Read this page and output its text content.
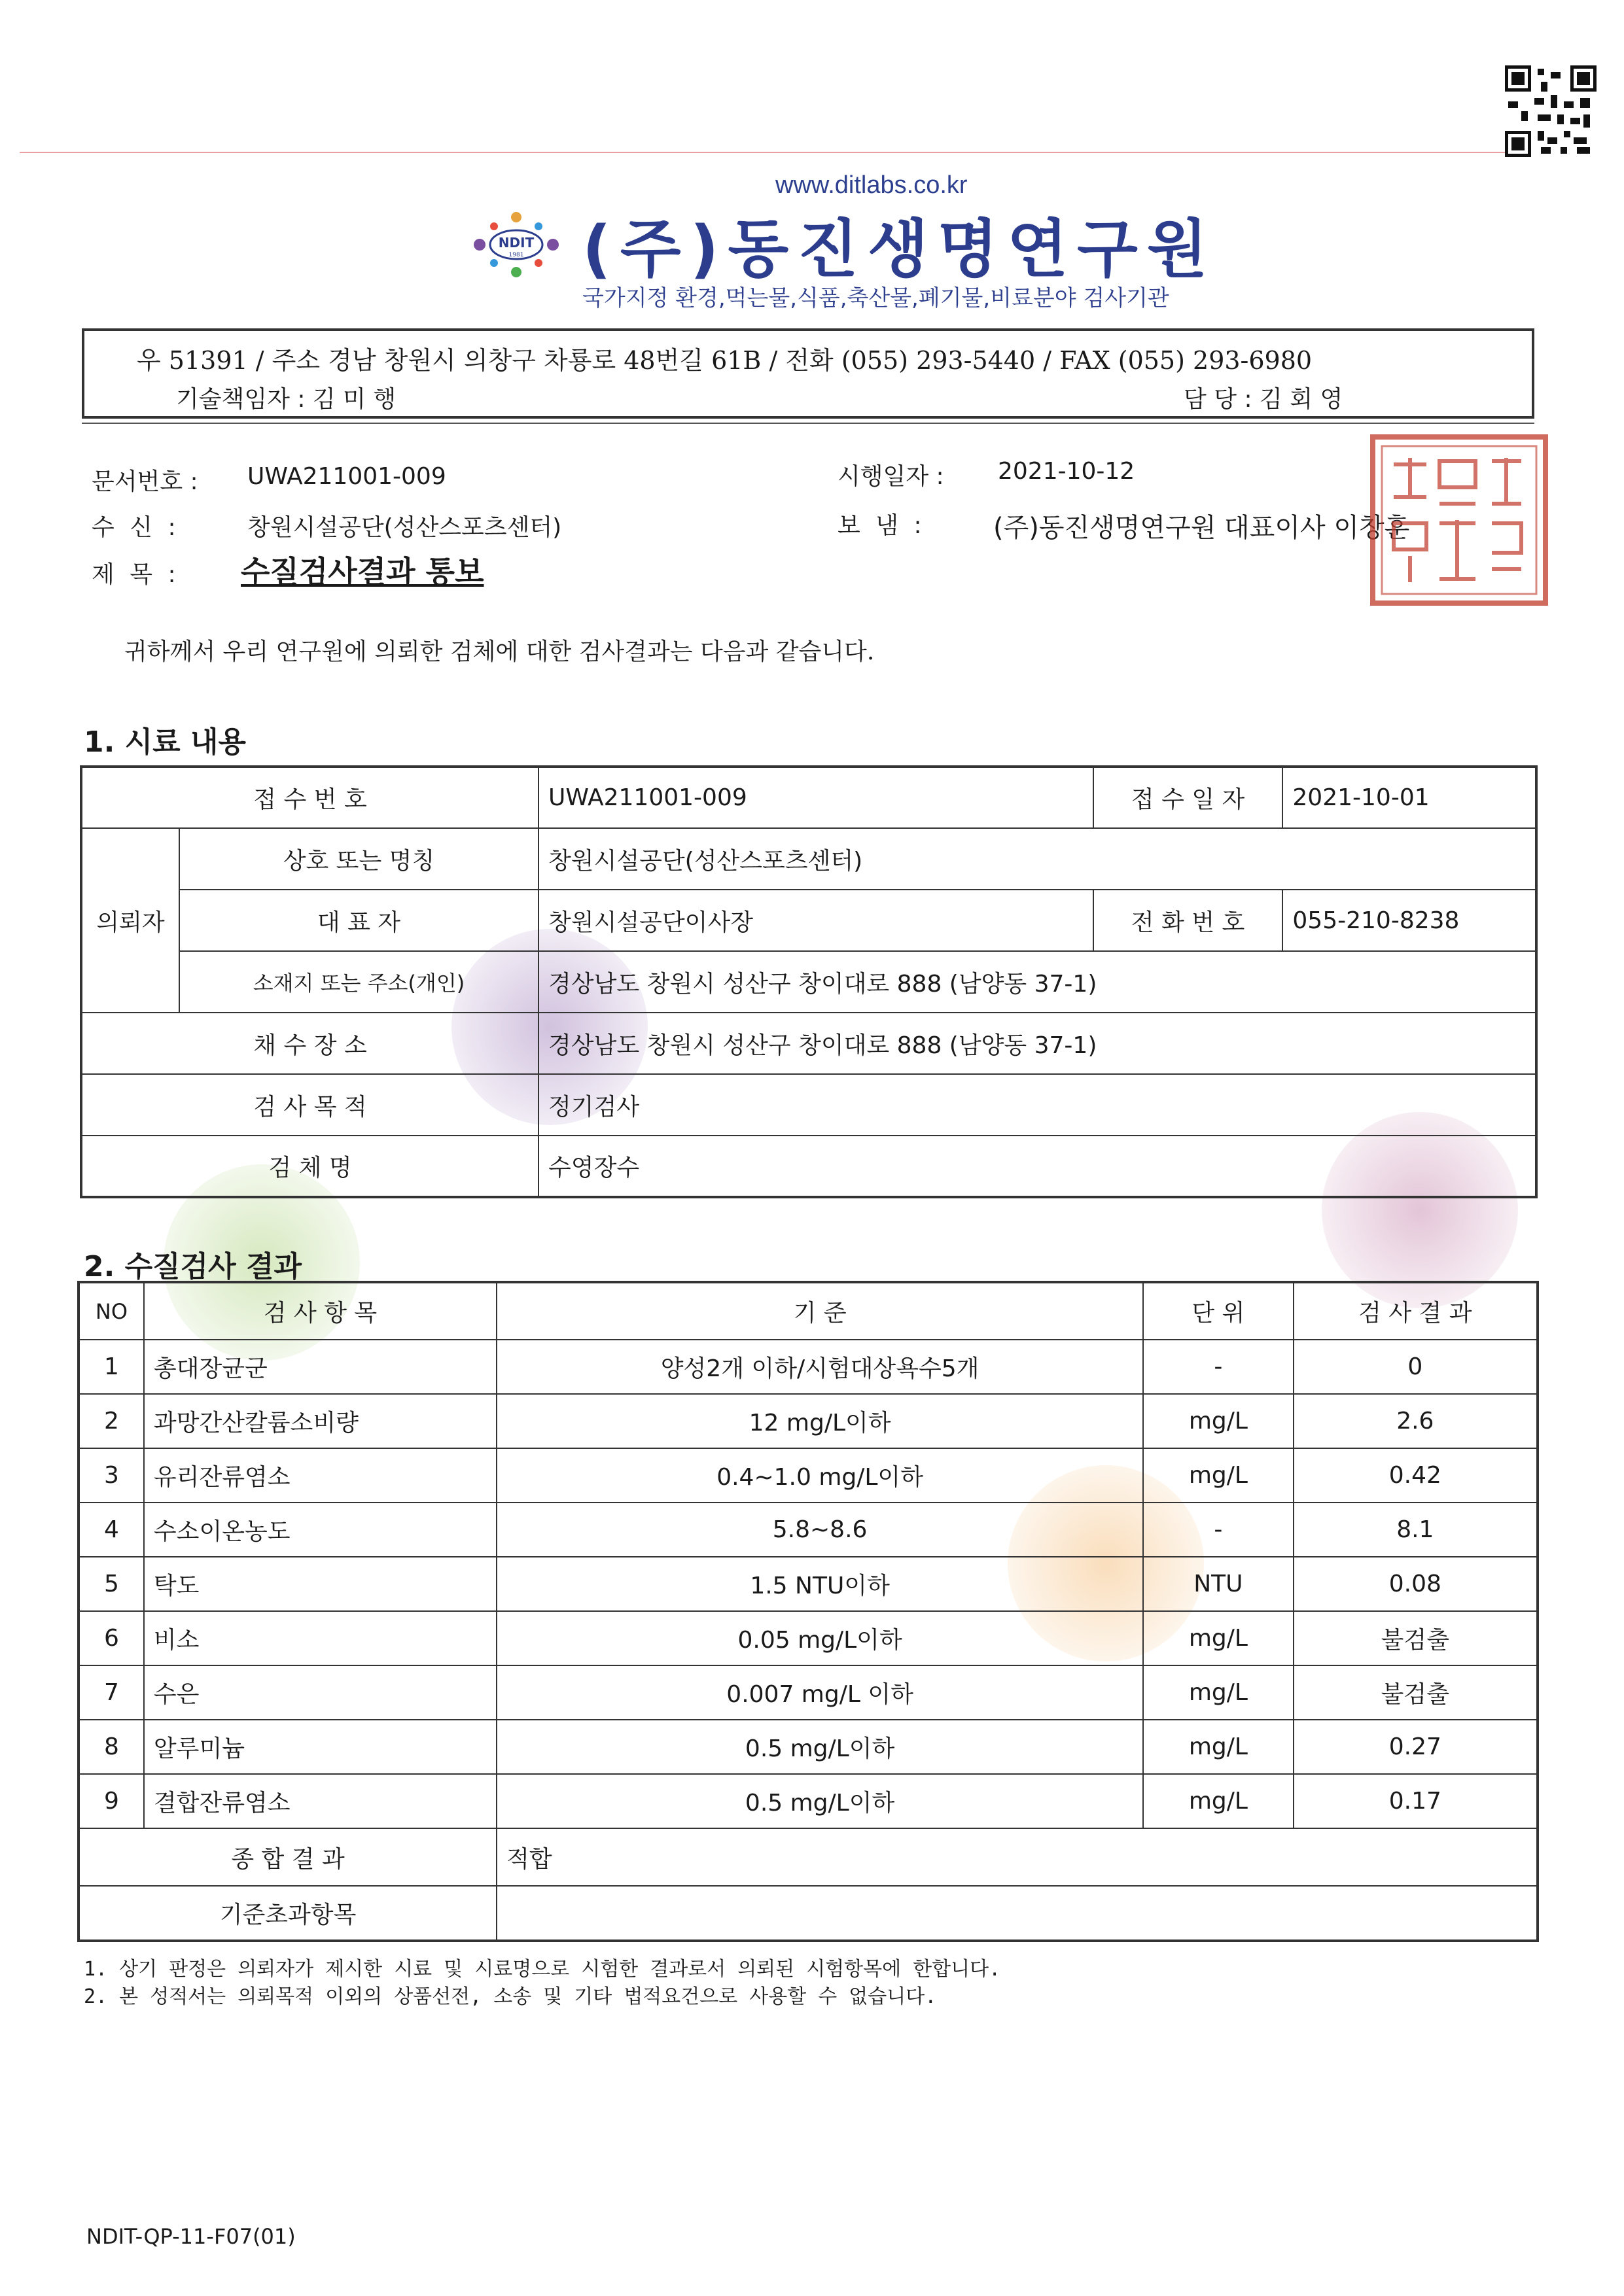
www.ditlabs.co.kr
NDIT
1981 (주)동진생명연구원
국가지정 환경,먹는물,식품,축산물,폐기물,비료분야 검사기관
우 51391 / 주소 경남 창원시 의창구 차룡로 48번길 61B / 전화 (055) 293-5440 / FAX (055) 293-6980
기술책임자 : 김 미 행	담 당 : 김 회 영
문서번호 : UWA211001-009	시행일자 : 2021-10-12
수 신 :	창원시설공단(성산스포츠센터)	보 냄 :	(주)동진생명연구원 대표이사 이창훈
제 목 : 수질검사결과 통보
귀하께서 우리 연구원에 의뢰한 검체에 대한 검사결과는 다음과 같습니다.
1. 시료 내용
접 수 번 호		UWA211001-009	접 수 일 자	2021-10-01
의뢰자	상호 또는 명칭	창원시설공단(성산스포츠센터)		
	대 표 자	창원시설공단이사장	전 화 번 호	055-210-8238
	소재지 또는 주소(개인)	경상남도 창원시 성산구 창이대로 888 (남양동 37-1)		
채 수 장 소		경상남도 창원시 성산구 창이대로 888 (남양동 37-1)		
검 사 목 적		정기검사		
검 체 명		수영장수		
2. 수질검사 결과
NO	검 사 항 목	기 준	단 위	검 사 결 과
1	총대장균군	양성2개 이하/시험대상욕수5개	-	0
2	과망간산칼륨소비량	12 mg/L이하	mg/L	2.6
3	유리잔류염소	0.4~1.0 mg/L이하	mg/L	0.42
4	수소이온농도	5.8~8.6	-	8.1
5	탁도	1.5 NTU이하	NTU	0.08
6	비소	0.05 mg/L이하	mg/L	불검출
7	수은	0.007 mg/L 이하	mg/L	불검출
8	알루미늄	0.5 mg/L이하	mg/L	0.27
9	결합잔류염소	0.5 mg/L이하	mg/L	0.17
종 합 결 과		적합		
기준초과항목				
1. 상기 판정은 의뢰자가 제시한 시료 및 시료명으로 시험한 결과로서 의뢰된 시험항목에 한합니다.
2. 본 성적서는 의뢰목적 이외의 상품선전, 소송 및 기타 법적요건으로 사용할 수 없습니다.
NDIT-QP-11-F07(01)
